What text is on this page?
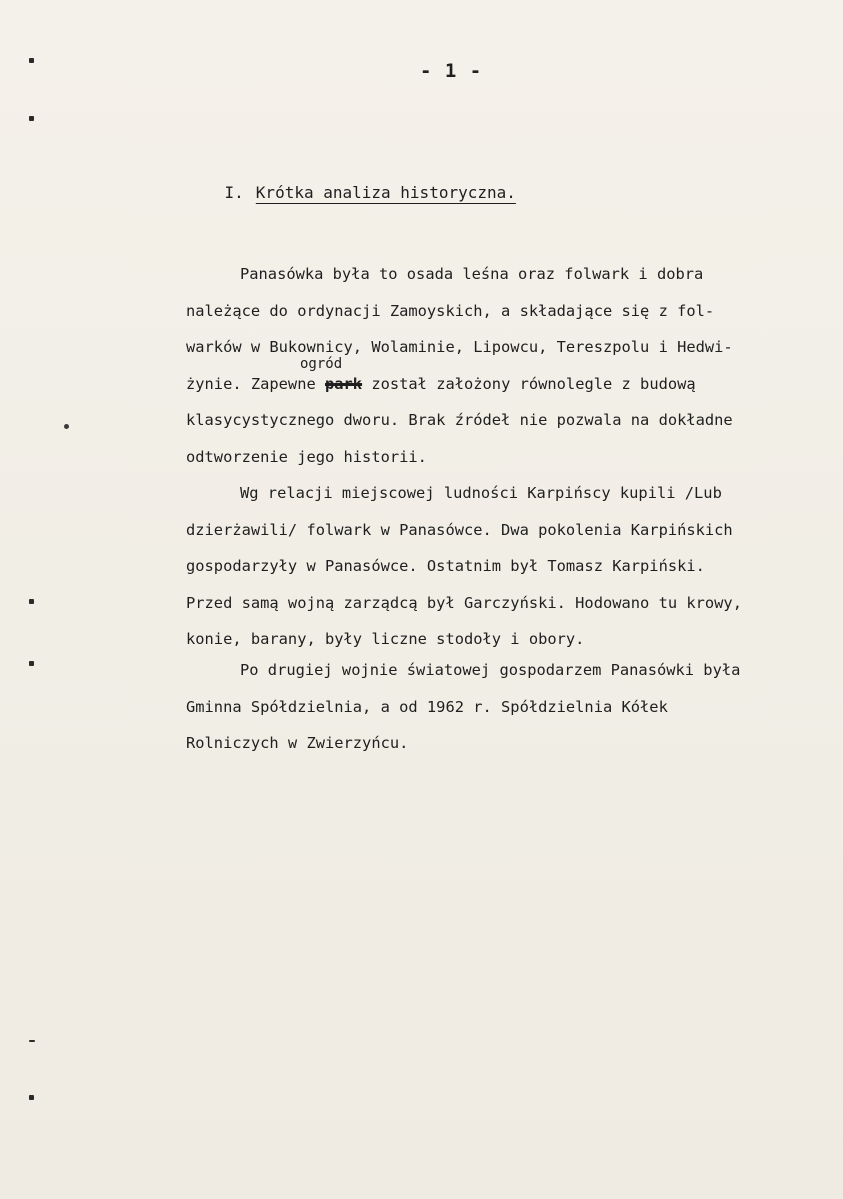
- 1 -

I. Krótka analiza historyczna.

ogród
Panasówka była to osada leśna oraz folwark i dobra
należące do ordynacji Zamoyskich, a składające się z fol-
warków w Bukownicy, Wolaminie, Lipowcu, Tereszpolu i Hedwi-
żynie. Zapewne park został założony równolegle z budową
klasycystycznego dworu. Brak źródeł nie pozwala na dokładne
odtworzenie jego historii.
Wg relacji miejscowej ludności Karpińscy kupili /Lub
dzierżawili/ folwark w Panasówce. Dwa pokolenia Karpińskich
gospodarzyły w Panasówce. Ostatnim był Tomasz Karpiński.
Przed samą wojną zarządcą był Garczyński. Hodowano tu krowy,
konie, barany, były liczne stodoły i obory.
Po drugiej wojnie światowej gospodarzem Panasówki była
Gminna Spółdzielnia, a od 1962 r. Spółdzielnia Kółek
Rolniczych w Zwierzyńcu.
